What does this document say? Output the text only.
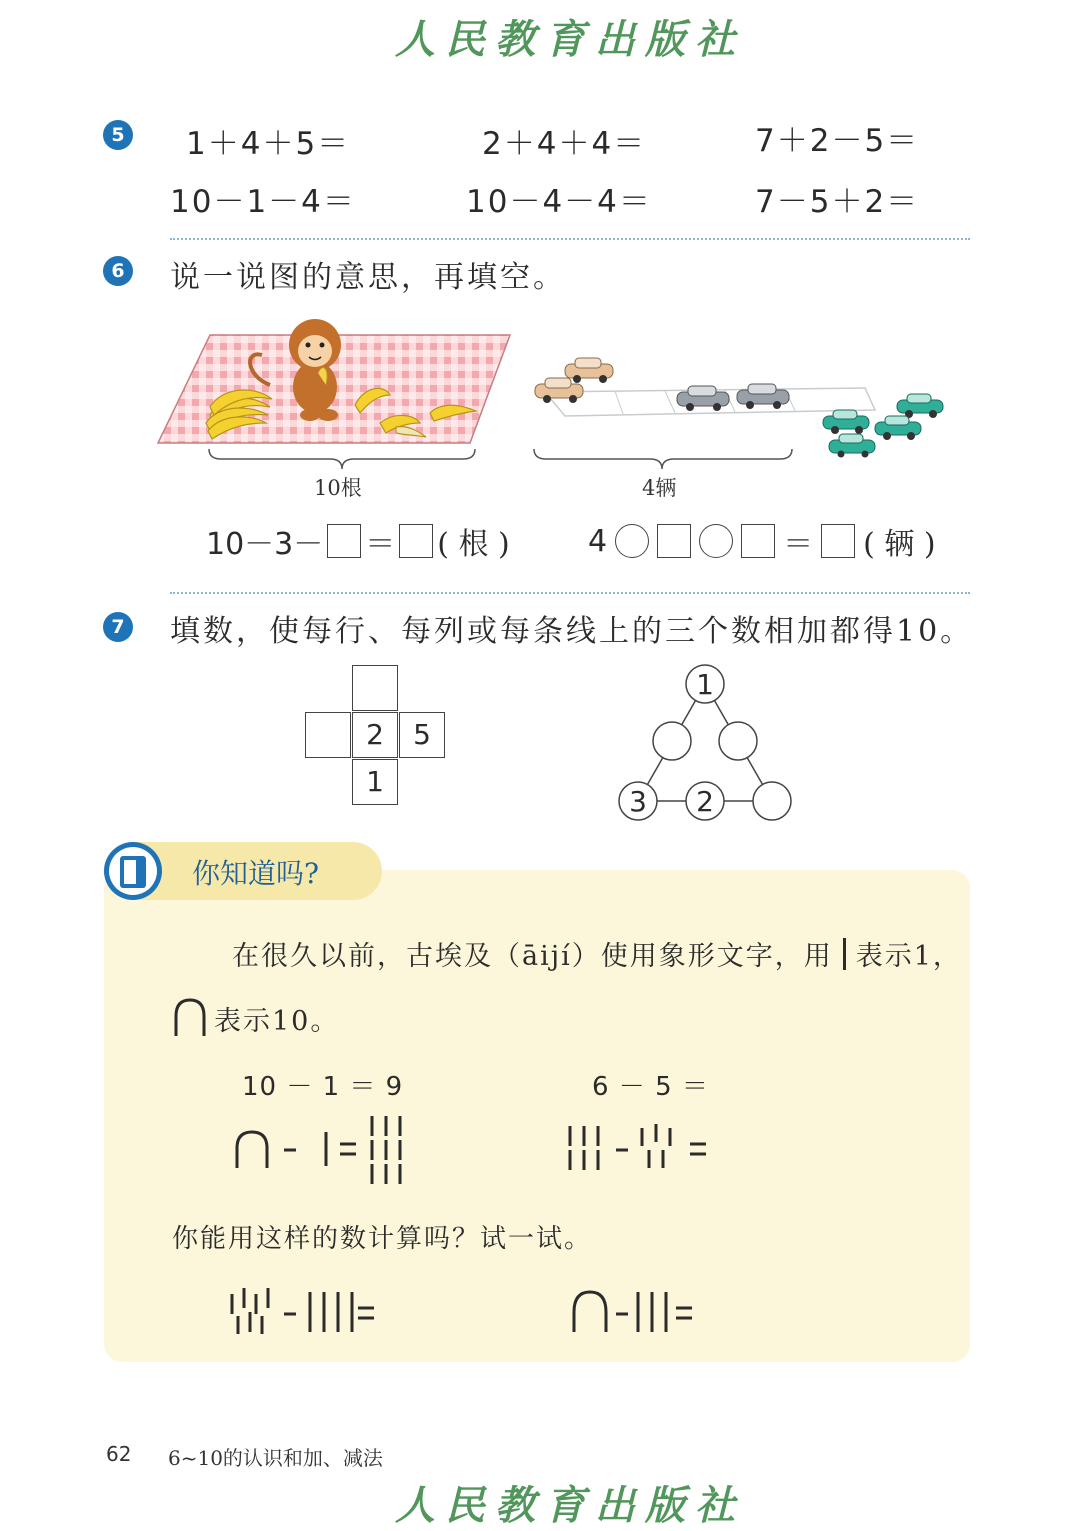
人民教育出版社
5 1＋4＋5＝	2＋4＋4＝	7＋2－5＝
10－1－4＝	10－4－4＝	7－5＋2＝
6 说一说图的意思，再填空。
10根	4辆
10－3－ ＝ ( 根 )	4	＝ ( 辆 )
7 填数，使每行、每列或每条线上的三个数相加都得10。
2	5
1
1
3 2
你知道吗?
在很久以前，古埃及（āijí）使用象形文字，用 表示1，
表示10。
10 － 1 ＝ 9	6 － 5 ＝
你能用这样的数计算吗？试一试。
62 6~10的认识和加、减法
人民教育出版社
